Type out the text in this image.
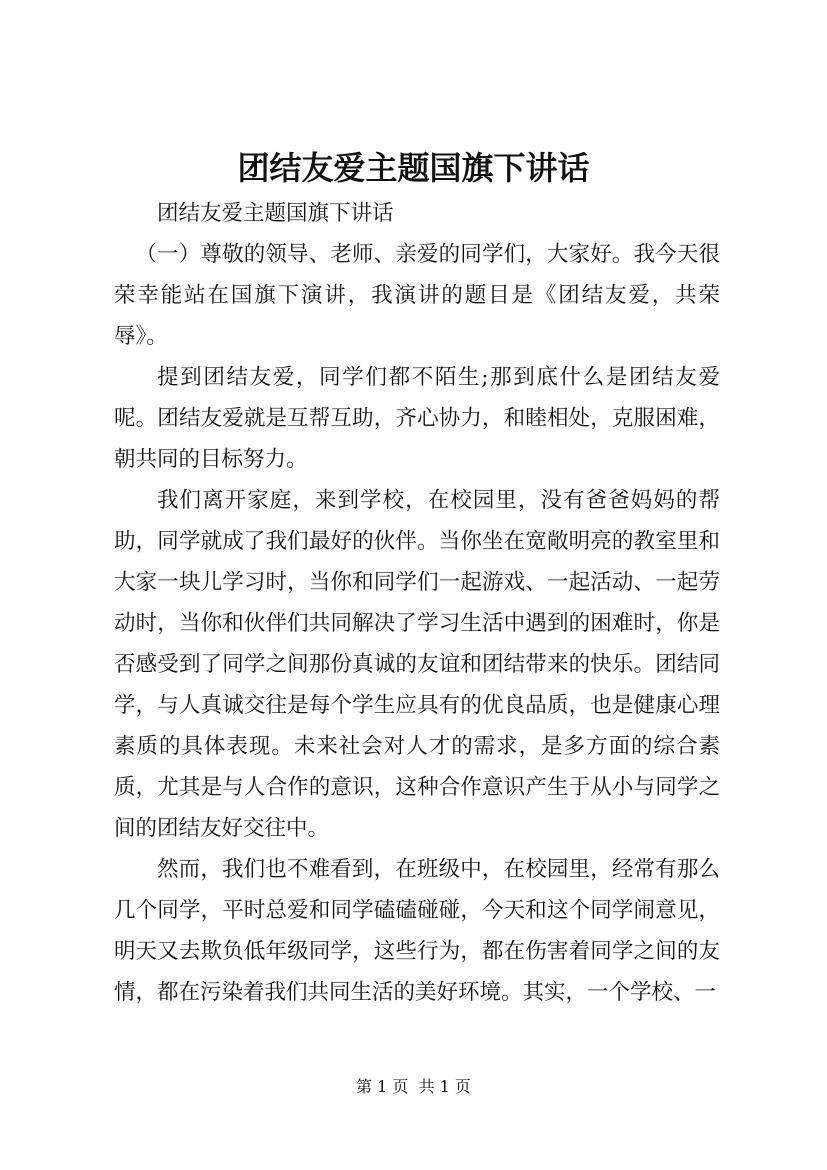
团结友爱主题国旗下讲话

团结友爱主题国旗下讲话

（一）尊敬的领导、老师、亲爱的同学们，大家好。我今天很荣幸能站在国旗下演讲，我演讲的题目是《团结友爱，共荣辱》。

提到团结友爱，同学们都不陌生;那到底什么是团结友爱呢。团结友爱就是互帮互助，齐心协力，和睦相处，克服困难，朝共同的目标努力。

我们离开家庭，来到学校，在校园里，没有爸爸妈妈的帮助，同学就成了我们最好的伙伴。当你坐在宽敞明亮的教室里和大家一块儿学习时，当你和同学们一起游戏、一起活动、一起劳动时，当你和伙伴们共同解决了学习生活中遇到的困难时，你是否感受到了同学之间那份真诚的友谊和团结带来的快乐。团结同学，与人真诚交往是每个学生应具有的优良品质，也是健康心理素质的具体表现。未来社会对人才的需求，是多方面的综合素质，尤其是与人合作的意识，这种合作意识产生于从小与同学之间的团结友好交往中。

然而，我们也不难看到，在班级中，在校园里，经常有那么几个同学，平时总爱和同学磕磕碰碰，今天和这个同学闹意见，明天又去欺负低年级同学，这些行为，都在伤害着同学之间的友情，都在污染着我们共同生活的美好环境。其实，一个学校、一

第 1 页  共 1 页
